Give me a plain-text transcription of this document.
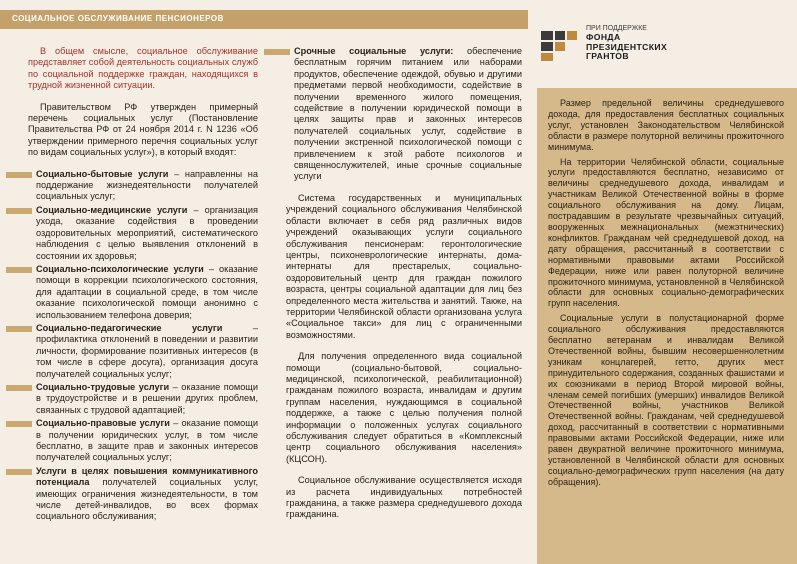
СОЦИАЛЬНОЕ ОБСЛУЖИВАНИЕ ПЕНСИОНЕРОВ

В общем смысле, социальное обслуживание представляет собой деятельность социальных служб по социальной поддержке граждан, находящихся в трудной жизненной ситуации.

Правительством РФ утвержден примерный перечень социальных услуг (Постановление Правительства РФ от 24 ноября 2014 г. N 1236 «Об утверждении примерного перечня социальных услуг по видам социальных услуг»), в который входят:

Социально-бытовые услуги – направленны на поддержание жизнедеятельности получателей социальных услуг;
Социально-медицинские услуги – организация ухода, оказание содействия в проведении оздоровительных мероприятий, систематического наблюдения с целью выявления отклонений в состоянии их здоровья;
Социально-психологические услуги – оказание помощи в коррекции психологического состояния, для адаптации в социальной среде, в том числе оказание психологической помощи анонимно с использованием телефона доверия;
Социально-педагогические услуги – профилактика отклонений в поведении и развитии личности, формирование позитивных интересов (в том числе в сфере досуга), организация досуга получателей социальных услуг;
Социально-трудовые услуги – оказание помощи в трудоустройстве и в решении других проблем, связанных с трудовой адаптацией;
Социально-правовые услуги – оказание помощи в получении юридических услуг, в том числе бесплатно, в защите прав и законных интересов получателей социальных услуг;
Услуги в целях повышения коммуникативного потенциала получателей социальных услуг, имеющих ограничения жизнедеятельности, в том числе детей-инвалидов, во всех формах социального обслуживания;
Срочные социальные услуги: обеспечение бесплатным горячим питанием или наборами продуктов, обеспечение одеждой, обувью и другими предметами первой необходимости, содействие в получении временного жилого помещения, содействие в получении юридической помощи в целях защиты прав и законных интересов получателей социальных услуг, содействие в получении экстренной психологической помощи с привлечением к этой работе психологов и священнослужителей, иные срочные социальные услуги

Система государственных и муниципальных учреждений социального обслуживания Челябинской области включает в себя ряд различных видов учреждений оказывающих услуги социального обслуживания пенсионерам: геронтологические центры, психоневрологические интернаты, дома-интернаты для престарелых, социально-оздоровительный центр для граждан пожилого возраста, центры социальной адаптации для лиц без определенного места жительства и занятий. Также, на территории Челябинской области организована услуга «Социальное такси» для лиц с ограниченными возможностями.

Для получения определенного вида социальной помощи (социально-бытовой, социально-медицинской, психологической, реабилитационной) гражданам пожилого возраста, инвалидам и другим группам населения, нуждающимся в социальной поддержке, а также с целью получения полной информации о положенных услугах социального обслуживания следует обратиться в «Комплексный центр социального обслуживания населения» (КЦСОН).

Социальное обслуживание осуществляется исходя из расчета индивидуальных потребностей гражданина, а также размера среднедушевого дохода гражданина.

ПРИ ПОДДЕРЖКЕ
ФОНДА
ПРЕЗИДЕНТСКИХ
ГРАНТОВ

Размер предельной величины среднедушевого дохода, для предоставления бесплатных социальных услуг, установлен Законодательством Челябинской области в размере полуторной величины прожиточного минимума.

На территории Челябинской области, социальные услуги предоставляются бесплатно, независимо от величины среднедушевого дохода, инвалидам и участникам Великой Отечественной войны в форме социального обслуживания на дому. Лицам, пострадавшим в результате чрезвычайных ситуаций, вооруженных межнациональных (межэтнических) конфликтов. Гражданам чей среднедушевой доход, на дату обращения, рассчитанный в соответствии с нормативными правовыми актами Российской Федерации, ниже или равен полуторной величине прожиточного минимума, установленной в Челябинской области для основных социально-демографических групп населения.

Социальные услуги в полустационарной форме социального обслуживания предоставляются бесплатно ветеранам и инвалидам Великой Отечественной войны, бывшим несовершеннолетним узникам концлагерей, гетто, других мест принудительного содержания, созданных фашистами и их союзниками в период Второй мировой войны, членам семей погибших (умерших) инвалидов Великой Отечественной войны, участников Великой Отечественной войны. Гражданам, чей среднедушевой доход, рассчитанный в соответствии с нормативными правовыми актами Российской Федерации, ниже или равен двукратной величине прожиточного минимума, установленной в Челябинской области для основных социально-демографических групп населения (на дату обращения).
